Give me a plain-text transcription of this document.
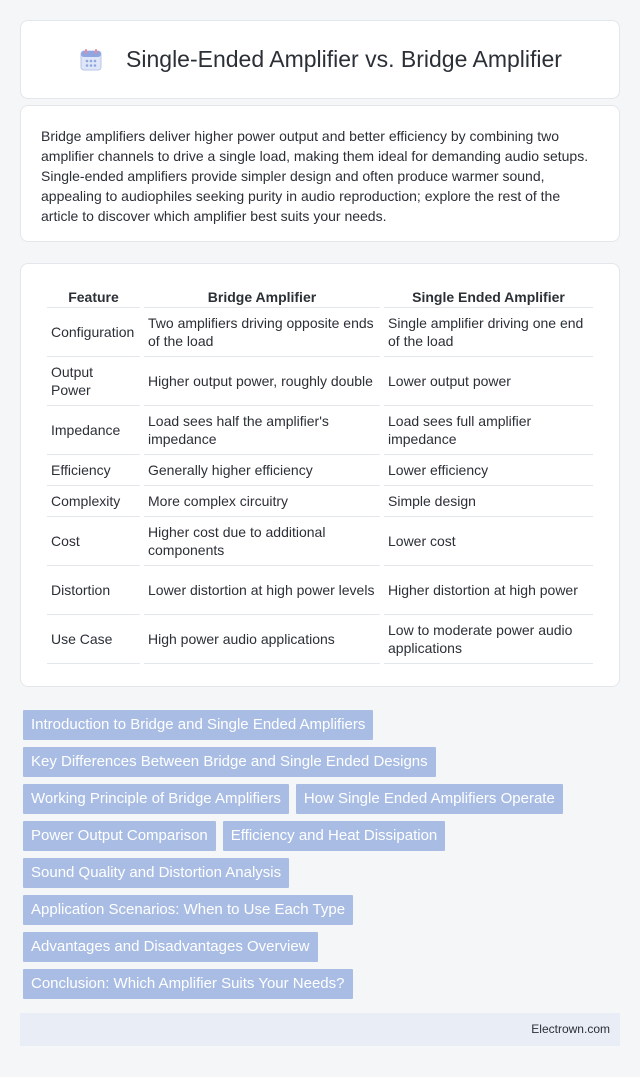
Single-Ended Amplifier vs. Bridge Amplifier

Bridge amplifiers deliver higher power output and better efficiency by combining two amplifier channels to drive a single load, making them ideal for demanding audio setups. Single-ended amplifiers provide simpler design and often produce warmer sound, appealing to audiophiles seeking purity in audio reproduction; explore the rest of the article to discover which amplifier best suits your needs.

Feature	Bridge Amplifier	Single Ended Amplifier
Configuration	Two amplifiers driving opposite ends of the load	Single amplifier driving one end of the load
Output Power	Higher output power, roughly double	Lower output power
Impedance	Load sees half the amplifier's impedance	Load sees full amplifier impedance
Efficiency	Generally higher efficiency	Lower efficiency
Complexity	More complex circuitry	Simple design
Cost	Higher cost due to additional components	Lower cost
Distortion	Lower distortion at high power levels	Higher distortion at high power
Use Case	High power audio applications	Low to moderate power audio applications
Introduction to Bridge and Single Ended Amplifiers
Key Differences Between Bridge and Single Ended Designs
Working Principle of Bridge Amplifiers	How Single Ended Amplifiers Operate
Power Output Comparison	Efficiency and Heat Dissipation
Sound Quality and Distortion Analysis
Application Scenarios: When to Use Each Type
Advantages and Disadvantages Overview
Conclusion: Which Amplifier Suits Your Needs?
Electrown.com
